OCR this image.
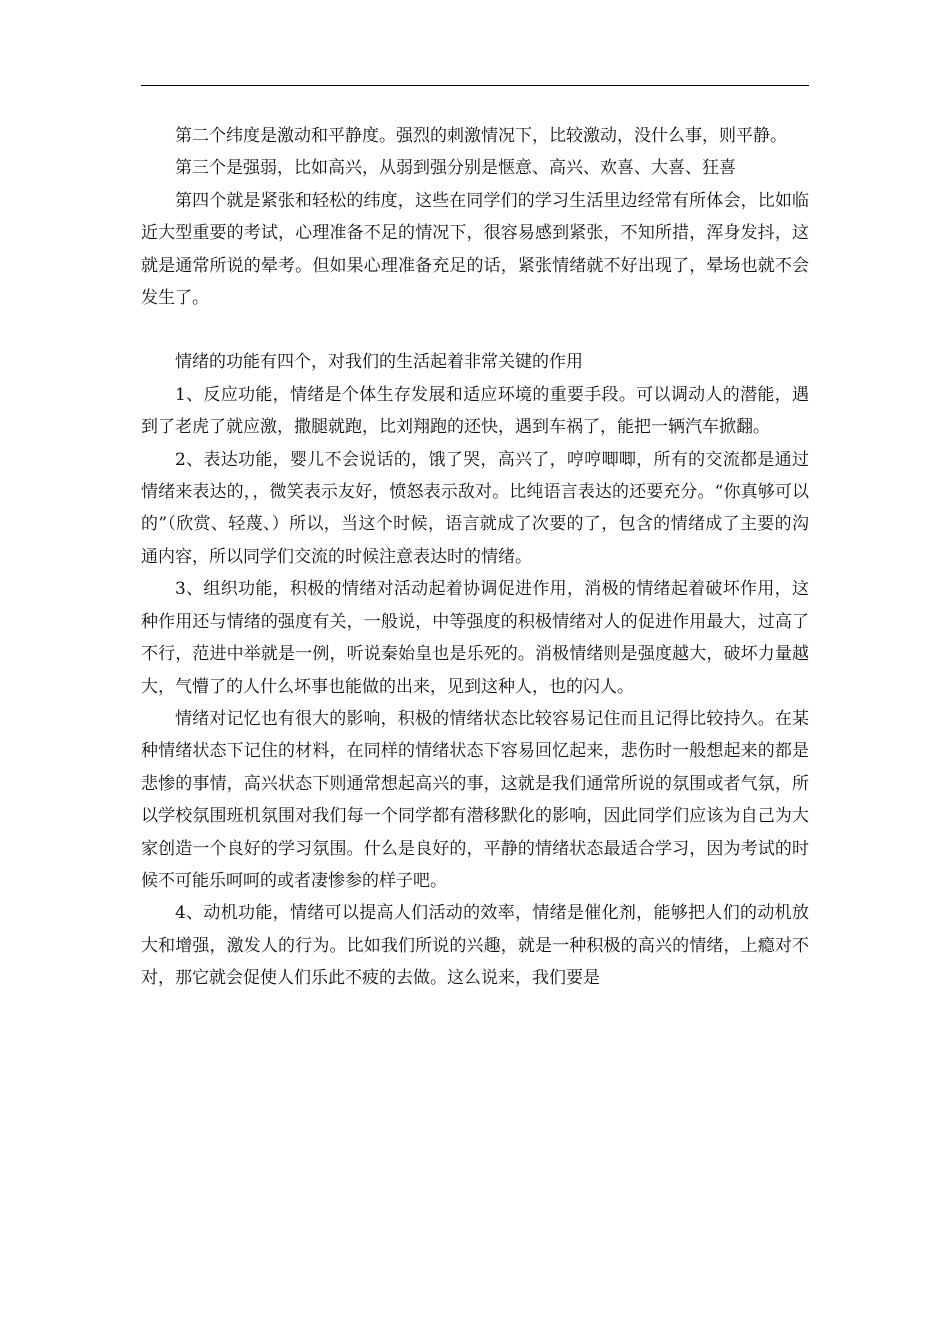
第二个纬度是激动和平静度。强烈的刺激情况下，比较激动，没什么事，则平静。

第三个是强弱，比如高兴，从弱到强分别是惬意、高兴、欢喜、大喜、狂喜

第四个就是紧张和轻松的纬度，这些在同学们的学习生活里边经常有所体会，比如临近大型重要的考试，心理准备不足的情况下，很容易感到紧张，不知所措，浑身发抖，这就是通常所说的晕考。但如果心理准备充足的话，紧张情绪就不好出现了，晕场也就不会发生了。

情绪的功能有四个，对我们的生活起着非常关键的作用

1、反应功能，情绪是个体生存发展和适应环境的重要手段。可以调动人的潜能，遇到了老虎了就应激，撒腿就跑，比刘翔跑的还快，遇到车祸了，能把一辆汽车掀翻。

2、表达功能，婴儿不会说话的，饿了哭，高兴了，哼哼唧唧，所有的交流都是通过情绪来表达的，，微笑表示友好，愤怒表示敌对。比纯语言表达的还要充分。“你真够可以的”（欣赏、轻蔑、）所以，当这个时候，语言就成了次要的了，包含的情绪成了主要的沟通内容，所以同学们交流的时候注意表达时的情绪。

3、组织功能，积极的情绪对活动起着协调促进作用，消极的情绪起着破坏作用，这种作用还与情绪的强度有关，一般说，中等强度的积极情绪对人的促进作用最大，过高了不行，范进中举就是一例，听说秦始皇也是乐死的。消极情绪则是强度越大，破坏力量越大，气懵了的人什么坏事也能做的出来，见到这种人，也的闪人。

情绪对记忆也有很大的影响，积极的情绪状态比较容易记住而且记得比较持久。在某种情绪状态下记住的材料，在同样的情绪状态下容易回忆起来，悲伤时一般想起来的都是悲惨的事情，高兴状态下则通常想起高兴的事，这就是我们通常所说的氛围或者气氛，所以学校氛围班机氛围对我们每一个同学都有潜移默化的影响，因此同学们应该为自己为大家创造一个良好的学习氛围。什么是良好的，平静的情绪状态最适合学习，因为考试的时候不可能乐呵呵的或者凄惨参的样子吧。

4、动机功能，情绪可以提高人们活动的效率，情绪是催化剂，能够把人们的动机放大和增强，激发人的行为。比如我们所说的兴趣，就是一种积极的高兴的情绪，上瘾对不对，那它就会促使人们乐此不疲的去做。这么说来，我们要是
